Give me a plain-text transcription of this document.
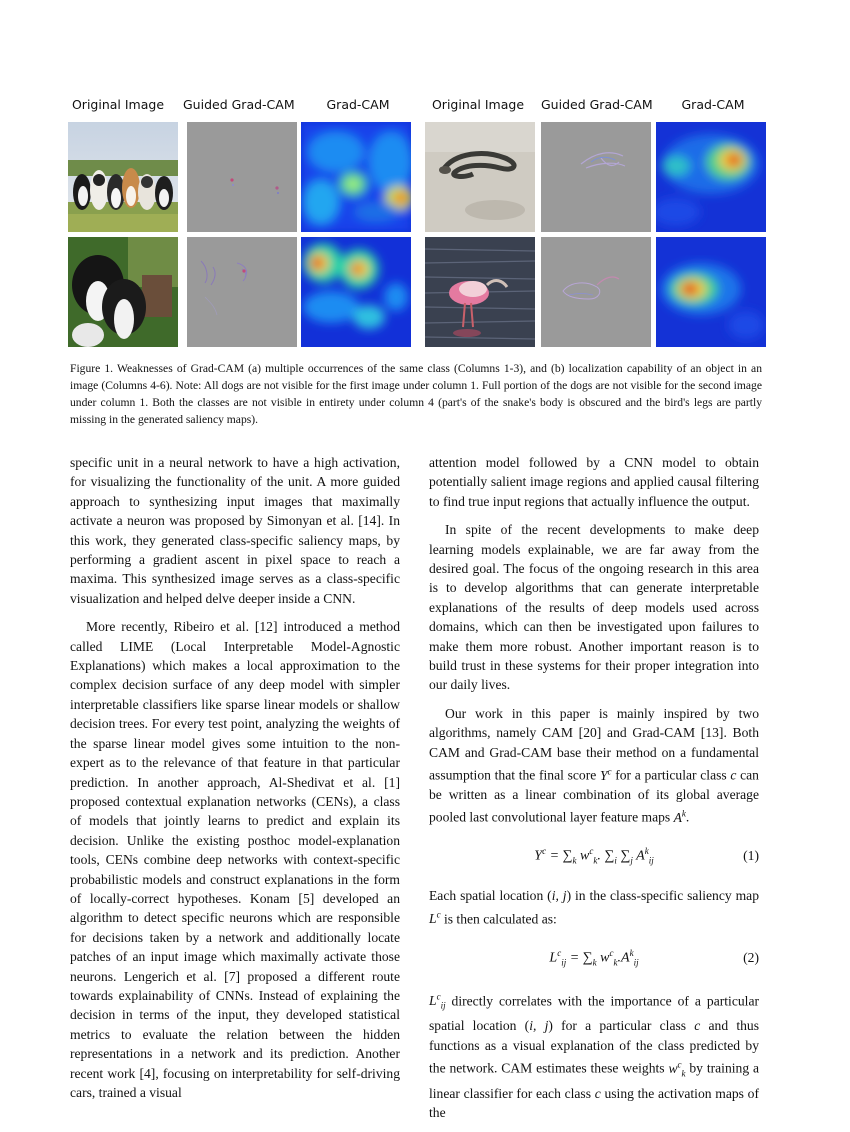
Original Image	Guided Grad-CAM	Grad-CAM	Original Image	Guided Grad-CAM	Grad-CAM
Figure 1. Weaknesses of Grad-CAM (a) multiple occurrences of the same class (Columns 1-3), and (b) localization capability of an object in an image (Columns 4-6). Note: All dogs are not visible for the first image under column 1. Full portion of the dogs are not visible for the second image under column 1. Both the classes are not visible in entirety under column 4 (part's of the snake's body is obscured and the bird's legs are partly missing in the generated saliency maps).

specific unit in a neural network to have a high activation, for visualizing the functionality of the unit. A more guided approach to synthesizing input images that maximally activate a neuron was proposed by Simonyan et al. [14]. In this work, they generated class-specific saliency maps, by performing a gradient ascent in pixel space to reach a maxima. This synthesized image serves as a class-specific visualization and helped delve deeper inside a CNN.

More recently, Ribeiro et al. [12] introduced a method called LIME (Local Interpretable Model-Agnostic Explanations) which makes a local approximation to the complex decision surface of any deep model with simpler interpretable classifiers like sparse linear models or shallow decision trees. For every test point, analyzing the weights of the sparse linear model gives some intuition to the non-expert as to the relevance of that feature in that particular prediction. In another approach, Al-Shedivat et al. [1] proposed contextual explanation networks (CENs), a class of models that jointly learns to predict and explain its decision. Unlike the existing posthoc model-explanation tools, CENs combine deep networks with context-specific probabilistic models and construct explanations in the form of locally-correct hypotheses. Konam [5] developed an algorithm to detect specific neurons which are responsible for decisions taken by a network and additionally locate patches of an input image which maximally activate those neurons. Lengerich et al. [7] proposed a different route towards explainability of CNNs. Instead of explaining the decision in terms of the input, they developed statistical metrics to evaluate the relation between the hidden representations in a network and its prediction. Another recent work [4], focusing on interpretability for self-driving cars, trained a visual

attention model followed by a CNN model to obtain potentially salient image regions and applied causal filtering to find true input regions that actually influence the output.

In spite of the recent developments to make deep learning models explainable, we are far away from the desired goal. The focus of the ongoing research in this area is to develop algorithms that can generate interpretable explanations of the results of deep models used across domains, which can then be investigated upon failures to make them more robust. Another important reason is to build trust in these systems for their proper integration into our daily lives.

Our work in this paper is mainly inspired by two algorithms, namely CAM [20] and Grad-CAM [13]. Both CAM and Grad-CAM base their method on a fundamental assumption that the final score $Y^c$ for a particular class c can be written as a linear combination of its global average pooled last convolutional layer feature maps $A^k$.

$Y^c = \sum_k$ $w^c_k$. $\sum_i$ $\sum_j$ $A^k_{ij}$	(1)

Each spatial location (i, j) in the class-specific saliency map $L^c$ is then calculated as:

$L^c_{ij} = \sum_k$ $w^c_k.A^k_{ij}$	(2)

$L^c_{ij}$ directly correlates with the importance of a particular spatial location (i, j) for a particular class c and thus functions as a visual explanation of the class predicted by the network. CAM estimates these weights $w^c_k$ by training a linear classifier for each class c using the activation maps of the
